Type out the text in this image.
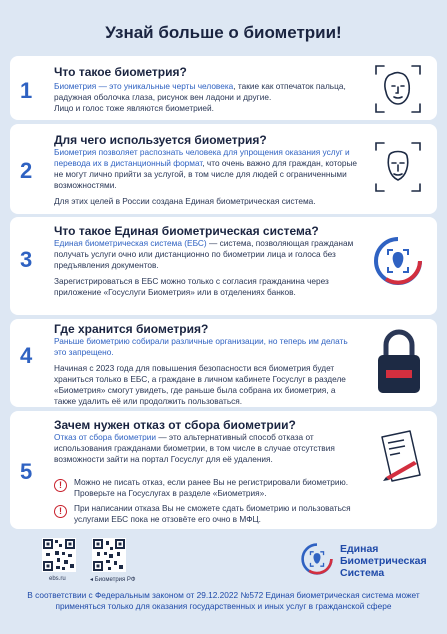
Узнай больше о биометрии!
1
Что такое биометрия?

Биометрия — это уникальные черты человека, такие как отпечаток пальца, радужная оболочка глаза, рисунок вен ладони и другие.

Лицо и голос тоже являются биометрией.

2
Для чего используется биометрия?

Биометрия позволяет распознать человека для упрощения оказания услуг и перевода их в дистанционный формат, что очень важно для граждан, которые не могут лично прийти за услугой, в том числе для людей с ограниченными возможностями.

Для этих целей в России создана Единая биометрическая система.

3
Что такое Единая биометрическая система?

Единая биометрическая система (ЕБС) — система, позволяющая гражданам получать услуги очно или дистанционно по биометрии лица и голоса без предъявления документов.

Зарегистрироваться в ЕБС можно только с согласия гражданина через приложение «Госуслуги Биометрия» или в отделениях банков.

4
Где хранится биометрия?

Раньше биометрию собирали различные организации, но теперь им делать это запрещено.

Начиная с 2023 года для повышения безопасности вся биометрия будет храниться только в ЕБС, а граждане в личном кабинете Госуслуг в разделе «Биометрия» смогут увидеть, где раньше была собрана их биометрия, а также удалить её или продолжить пользоваться.

5
Зачем нужен отказ от сбора биометрии?

Отказ от сбора биометрии — это альтернативный способ отказа от использования гражданами биометрии, в том числе в случае отсутствия возможности зайти на портал Госуслуг для её удаления.

!	Можно не писать отказ, если ранее Вы не регистрировали биометрию. Проверьте на Госуслугах в разделе «Биометрия».
!	При написании отказа Вы не сможете сдать биометрию и пользоваться услугами ЕБС пока не отзовёте его очно в МФЦ.
ebs.ru	◂ Биометрия РФ
Единая
Биометрическая
Система
В соответствии с Федеральным законом от 29.12.2022 №572 Единая биометрическая система может применяться только для оказания государственных и иных услуг в гражданской сфере
